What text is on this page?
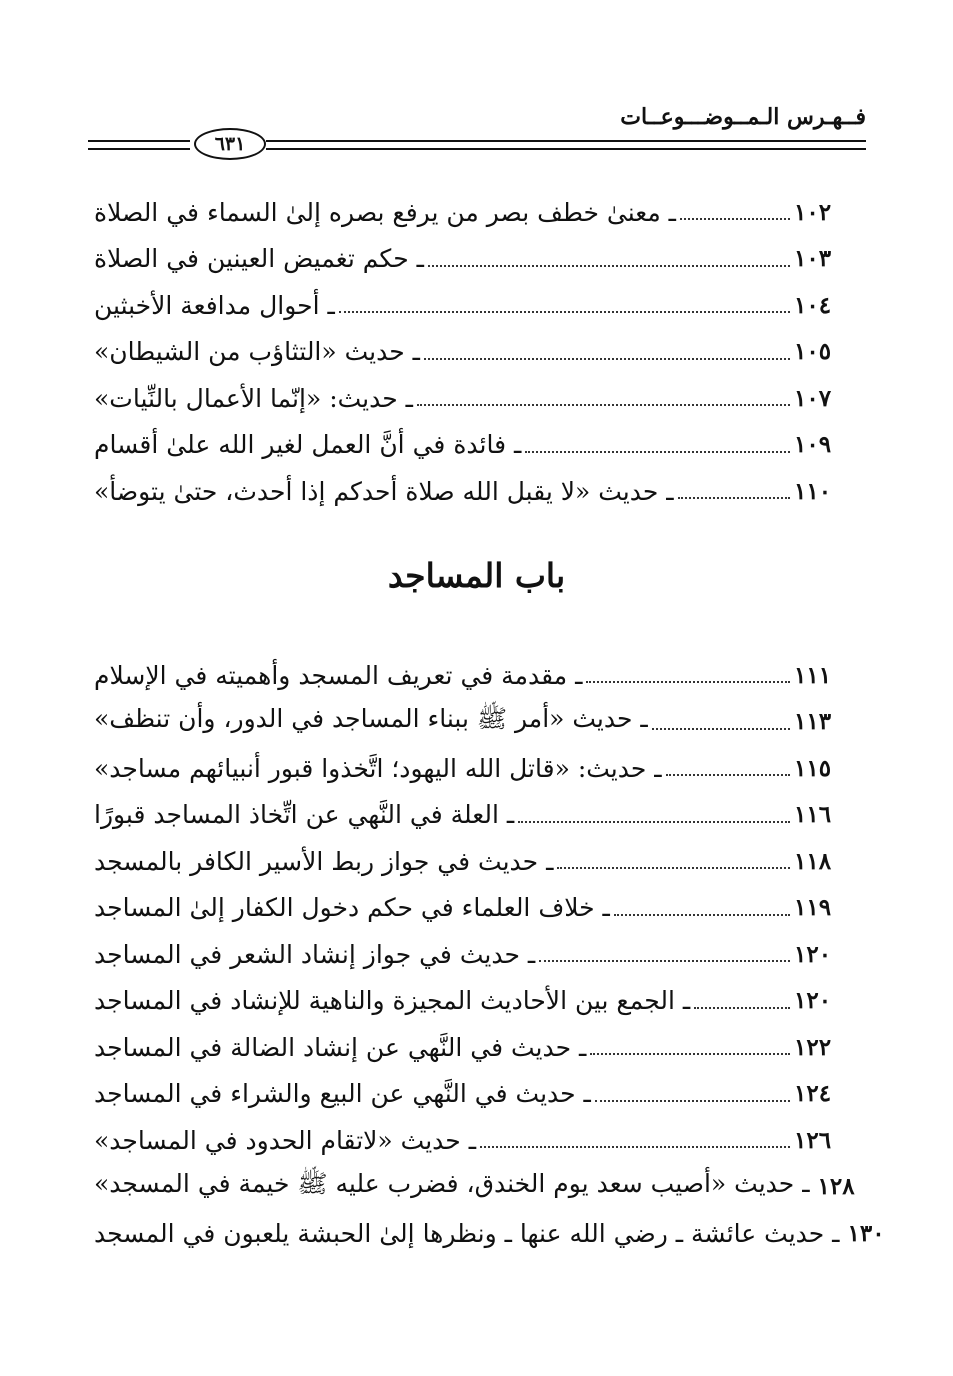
فــهـرس الـمــوضـــوعــات
٦٣١
ـ معنىٰ خطف بصر من يرفع بصره إلىٰ السماء في الصلاة	١٠٢
ـ حكم تغميض العينين في الصلاة	١٠٣
ـ أحوال مدافعة الأخبثين	١٠٤
ـ حديث «التثاؤب من الشيطان»	١٠٥
ـ حديث: «إنّما الأعمال بالنِّيات»	١٠٧
ـ فائدة في أنَّ العمل لغير الله علىٰ أقسام	١٠٩
ـ حديث «لا يقبل الله صلاة أحدكم إذا أحدث، حتىٰ يتوضأ»	١١٠
باب المساجد
ـ مقدمة في تعريف المسجد وأهميته في الإسلام	١١١
ـ حديث «أمر ﷺ ببناء المساجد في الدور، وأن تنظف»	١١٣
ـ حديث: «قاتل الله اليهود؛ اتَّخذوا قبور أنبيائهم مساجد»	١١٥
ـ العلة في النَّهي عن اتِّخاذ المساجد قبورًا	١١٦
ـ حديث في جواز ربط الأسير الكافر بالمسجد	١١٨
ـ خلاف العلماء في حكم دخول الكفار إلىٰ المساجد	١١٩
ـ حديث في جواز إنشاد الشعر في المساجد	١٢٠
ـ الجمع بين الأحاديث المجيزة والناهية للإنشاد في المساجد	١٢٠
ـ حديث في النَّهي عن إنشاد الضالة في المساجد	١٢٢
ـ حديث في النَّهي عن البيع والشراء في المساجد	١٢٤
ـ حديث «لاتقام الحدود في المساجد»	١٢٦
ـ حديث «أصيب سعد يوم الخندق، فضرب عليه ﷺ خيمة في المسجد» ١٢٨
ـ حديث عائشة ـ رضي الله عنها ـ ونظرها إلىٰ الحبشة يلعبون في المسجد ١٣٠
